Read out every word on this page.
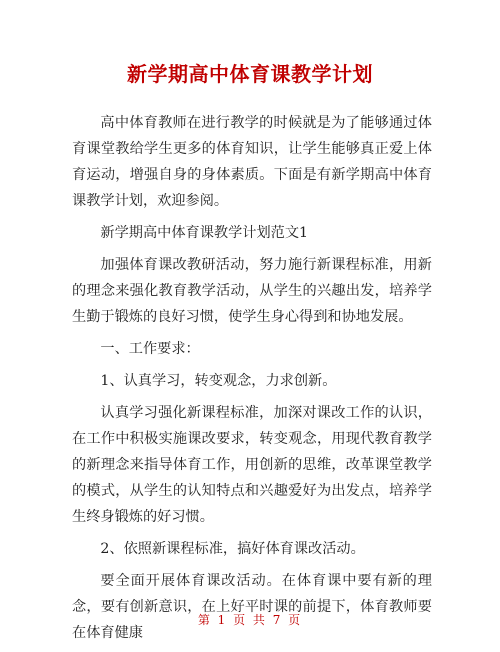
新学期高中体育课教学计划

高中体育教师在进行教学的时候就是为了能够通过体育课堂教给学生更多的体育知识，让学生能够真正爱上体育运动，增强自身的身体素质。下面是有新学期高中体育课教学计划，欢迎参阅。

新学期高中体育课教学计划范文1

加强体育课改教研活动，努力施行新课程标准，用新的理念来强化教育教学活动，从学生的兴趣出发，培养学生勤于锻炼的良好习惯，使学生身心得到和协地发展。

一、工作要求：

1、认真学习，转变观念，力求创新。

认真学习强化新课程标准，加深对课改工作的认识，在工作中积极实施课改要求，转变观念，用现代教育教学的新理念来指导体育工作，用创新的思维，改革课堂教学的模式，从学生的认知特点和兴趣爱好为出发点，培养学生终身锻炼的好习惯。

2、依照新课程标准，搞好体育课改活动。

要全面开展体育课改活动。在体育课中要有新的理念，要有创新意识，在上好平时课的前提下，体育教师要在体育健康

第 1 页 共 7 页
